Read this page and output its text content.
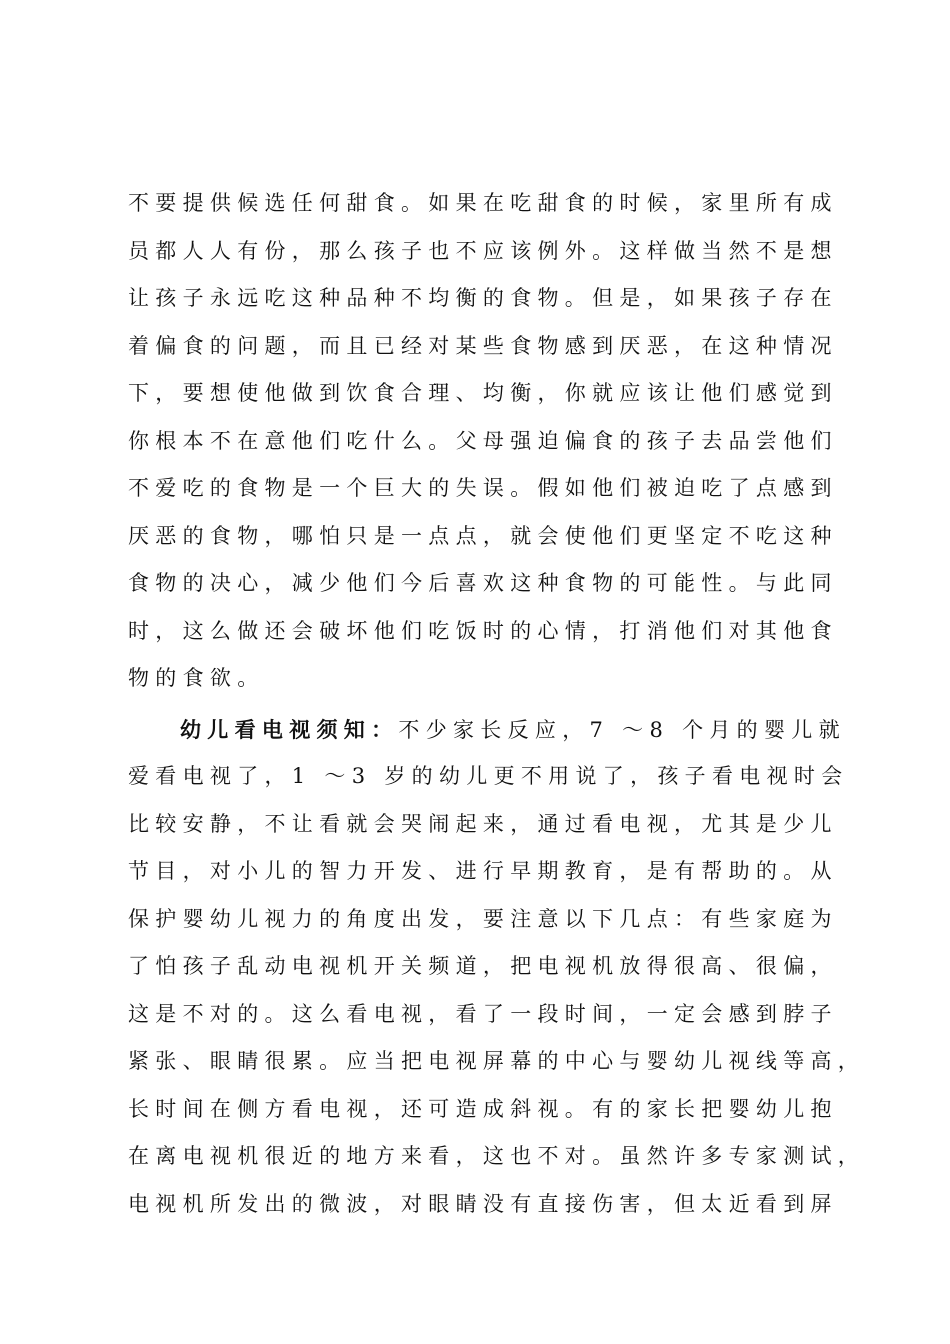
不要提供候选任何甜食。如果在吃甜食的时候，家里所有成
员都人人有份，那么孩子也不应该例外。这样做当然不是想
让孩子永远吃这种品种不均衡的食物。但是，如果孩子存在
着偏食的问题，而且已经对某些食物感到厌恶，在这种情况
下，要想使他做到饮食合理、均衡，你就应该让他们感觉到
你根本不在意他们吃什么。父母强迫偏食的孩子去品尝他们
不爱吃的食物是一个巨大的失误。假如他们被迫吃了点感到
厌恶的食物，哪怕只是一点点，就会使他们更坚定不吃这种
食物的决心，减少他们今后喜欢这种食物的可能性。与此同
时，这么做还会破坏他们吃饭时的心情，打消他们对其他食
物的食欲。
幼儿看电视须知：不少家长反应，7 ～8 个月的婴儿就
爱看电视了，1 ～3 岁的幼儿更不用说了，孩子看电视时会
比较安静，不让看就会哭闹起来，通过看电视，尤其是少儿
节目，对小儿的智力开发、进行早期教育，是有帮助的。从
保护婴幼儿视力的角度出发，要注意以下几点：有些家庭为
了怕孩子乱动电视机开关频道，把电视机放得很高、很偏，
这是不对的。这么看电视，看了一段时间，一定会感到脖子
紧张、眼睛很累。应当把电视屏幕的中心与婴幼儿视线等高，
长时间在侧方看电视，还可造成斜视。有的家长把婴幼儿抱
在离电视机很近的地方来看，这也不对。虽然许多专家测试，
电视机所发出的微波，对眼睛没有直接伤害，但太近看到屏
